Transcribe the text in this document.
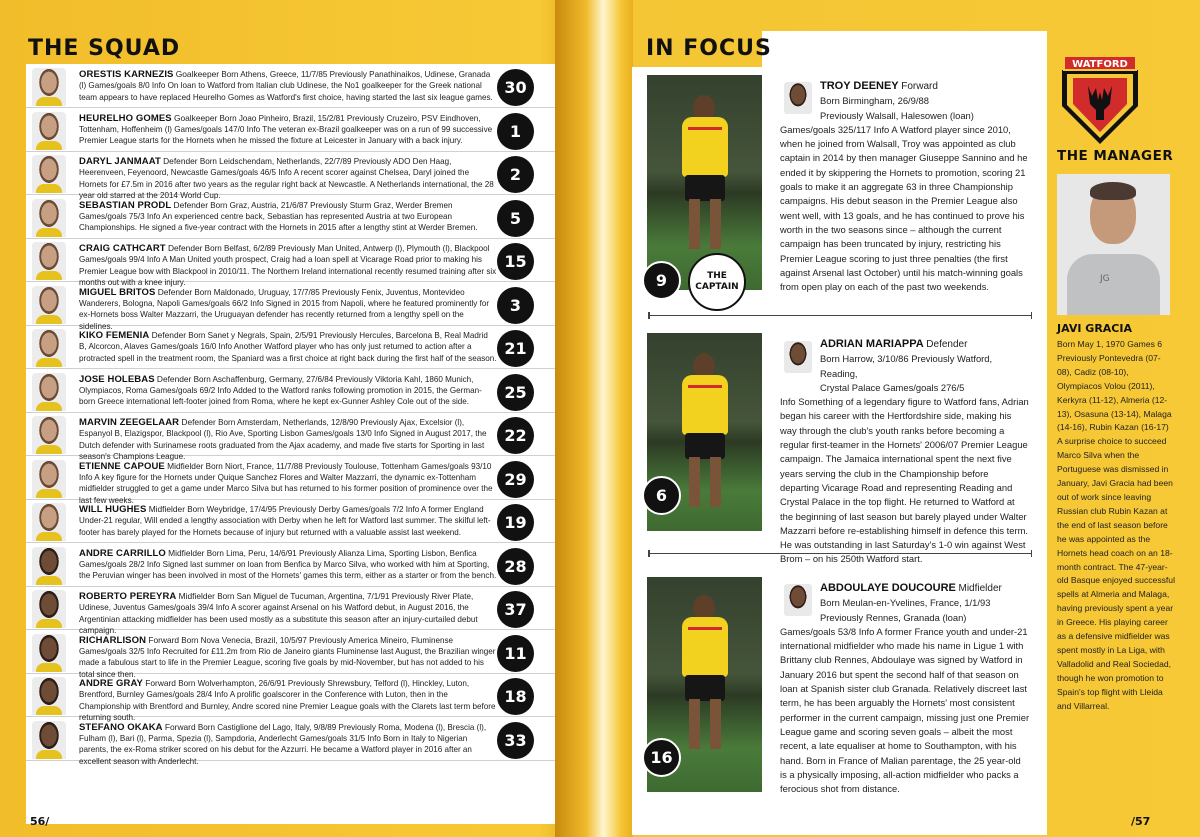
THE SQUAD
ORESTIS KARNEZIS Goalkeeper Born Athens, Greece, 11/7/85 Previously Panathinaikos, Udinese, Granada (l) Games/goals 8/0 Info On loan to Watford from Italian club Udinese, the No1 goalkeeper for the Greek national team appears to have replaced Heurelho Gomes as Watford's first choice, having started the last six league games.
30
HEURELHO GOMES Goalkeeper Born Joao Pinheiro, Brazil, 15/2/81 Previously Cruzeiro, PSV Eindhoven, Tottenham, Hoffenheim (l) Games/goals 147/0 Info The veteran ex-Brazil goalkeeper was on a run of 99 successive Premier League starts for the Hornets when he missed the fixture at Leicester in January with a back injury.
1
DARYL JANMAAT Defender Born Leidschendam, Netherlands, 22/7/89 Previously ADO Den Haag, Heerenveen, Feyenoord, Newcastle Games/goals 46/5 Info A recent scorer against Chelsea, Daryl joined the Hornets for £7.5m in 2016 after two years as the regular right back at Newcastle. A Netherlands international, the 28 year old starred at the 2014 World Cup.
2
SEBASTIAN PRODL Defender Born Graz, Austria, 21/6/87 Previously Sturm Graz, Werder Bremen Games/goals 75/3 Info An experienced centre back, Sebastian has represented Austria at two European Championships. He signed a five-year contract with the Hornets in 2015 after a lengthy stint at Werder Bremen.
5
CRAIG CATHCART Defender Born Belfast, 6/2/89 Previously Man United, Antwerp (l), Plymouth (l), Blackpool Games/goals 99/4 Info A Man United youth prospect, Craig had a loan spell at Vicarage Road prior to making his Premier League bow with Blackpool in 2010/11. The Northern Ireland international recently resumed training after six months out with a knee injury.
15
MIGUEL BRITOS Defender Born Maldonado, Uruguay, 17/7/85 Previously Fenix, Juventus, Montevideo Wanderers, Bologna, Napoli Games/goals 66/2 Info Signed in 2015 from Napoli, where he featured prominently for ex-Hornets boss Walter Mazzarri, the Uruguayan defender has recently returned from a lengthy spell on the sidelines.
3
KIKO FEMENIA Defender Born Sanet y Negrals, Spain, 2/5/91 Previously Hercules, Barcelona B, Real Madrid B, Alcorcon, Alaves Games/goals 16/0 Info Another Watford player who has only just returned to action after a protracted spell in the treatment room, the Spaniard was a first choice at right back during the first half of the season.
21
JOSE HOLEBAS Defender Born Aschaffenburg, Germany, 27/6/84 Previously Viktoria Kahl, 1860 Munich, Olympiacos, Roma Games/goals 69/2 Info Added to the Watford ranks following promotion in 2015, the German-born Greece international left-footer joined from Roma, where he kept ex-Gunner Ashley Cole out of the side.
25
MARVIN ZEEGELAAR Defender Born Amsterdam, Netherlands, 12/8/90 Previously Ajax, Excelsior (l), Espanyol B, Elazigspor, Blackpool (l), Rio Ave, Sporting Lisbon Games/goals 13/0 Info Signed in August 2017, the Dutch defender with Surinamese roots graduated from the Ajax academy, and made five starts for Sporting in last season's Champions League.
22
ETIENNE CAPOUE Midfielder Born Niort, France, 11/7/88 Previously Toulouse, Tottenham Games/goals 93/10 Info A key figure for the Hornets under Quique Sanchez Flores and Walter Mazzarri, the dynamic ex-Tottenham midfielder struggled to get a game under Marco Silva but has returned to his former position of prominence over the last few weeks.
29
WILL HUGHES Midfielder Born Weybridge, 17/4/95 Previously Derby Games/goals 7/2 Info A former England Under-21 regular, Will ended a lengthy association with Derby when he left for Watford last summer. The skilful left-footer has barely played for the Hornets because of injury but returned with a valuable assist last weekend.
19
ANDRE CARRILLO Midfielder Born Lima, Peru, 14/6/91 Previously Alianza Lima, Sporting Lisbon, Benfica Games/goals 28/2 Info Signed last summer on loan from Benfica by Marco Silva, who worked with him at Sporting, the Peruvian winger has been involved in most of the Hornets' games this term, either as a starter or from the bench.
28
ROBERTO PEREYRA Midfielder Born San Miguel de Tucuman, Argentina, 7/1/91 Previously River Plate, Udinese, Juventus Games/goals 39/4 Info A scorer against Arsenal on his Watford debut, in August 2016, the Argentinian attacking midfielder has been used mostly as a substitute this season after an injury-curtailed debut campaign.
37
RICHARLISON Forward Born Nova Venecia, Brazil, 10/5/97 Previously America Mineiro, Fluminense Games/goals 32/5 Info Recruited for £11.2m from Rio de Janeiro giants Fluminense last August, the Brazilian winger made a fabulous start to life in the Premier League, scoring five goals by mid-November, but has not added to his total since then.
11
ANDRE GRAY Forward Born Wolverhampton, 26/6/91 Previously Shrewsbury, Telford (l), Hinckley, Luton, Brentford, Burnley Games/goals 28/4 Info A prolific goalscorer in the Conference with Luton, then in the Championship with Brentford and Burnley, Andre scored nine Premier League goals with the Clarets last term before returning south.
18
STEFANO OKAKA Forward Born Castiglione del Lago, Italy, 9/8/89 Previously Roma, Modena (l), Brescia (l), Fulham (l), Bari (l), Parma, Spezia (l), Sampdoria, Anderlecht Games/goals 31/5 Info Born in Italy to Nigerian parents, the ex-Roma striker scored on his debut for the Azzurri. He became a Watford player in 2016 after an excellent season with Anderlecht.
33
56/
IN FOCUS
9	THE CAPTAIN
TROY DEENEY Forward
Born Birmingham, 26/9/88
Previously Walsall, Halesowen (loan)
Games/goals 325/117 Info A Watford player since 2010, when he joined from Walsall, Troy was appointed as club captain in 2014 by then manager Giuseppe Sannino and he ended it by skippering the Hornets to promotion, scoring 21 goals to make it an aggregate 63 in three Championship campaigns. His debut season in the Premier League also went well, with 13 goals, and he has continued to prove his worth in the two seasons since – although the current campaign has been truncated by injury, restricting his Premier League scoring to just three penalties (the first against Arsenal last October) until his match-winning goals from open play on each of the past two weekends.
6
ADRIAN MARIAPPA Defender
Born Harrow, 3/10/86 Previously Watford, Reading,
Crystal Palace Games/goals 276/5
Info Something of a legendary figure to Watford fans, Adrian began his career with the Hertfordshire side, making his way through the club's youth ranks before becoming a regular first-teamer in the Hornets' 2006/07 Premier League campaign. The Jamaica international spent the next five years serving the club in the Championship before departing Vicarage Road and representing Reading and Crystal Palace in the top flight. He returned to Watford at the beginning of last season but barely played under Walter Mazzarri before re-establishing himself in defence this term. He was outstanding in last Saturday's 1-0 win against West Brom – on his 250th Watford start.
16
ABDOULAYE DOUCOURE Midfielder
Born Meulan-en-Yvelines, France, 1/1/93
Previously Rennes, Granada (loan)
Games/goals 53/8 Info A former France youth and under-21 international midfielder who made his name in Ligue 1 with Brittany club Rennes, Abdoulaye was signed by Watford in January 2016 but spent the second half of that season on loan at Spanish sister club Granada. Relatively discreet last term, he has been arguably the Hornets' most consistent performer in the current campaign, missing just one Premier League game and scoring seven goals – albeit the most recent, a late equaliser at home to Southampton, with his hand. Born in France of Malian parentage, the 25 year-old is a physically imposing, all-action midfielder who packs a ferocious shot from distance.
WATFORD
THE MANAGER
JG
JAVI GRACIA
Born May 1, 1970 Games 6 Previously Pontevedra (07-08), Cadiz (08-10), Olympiacos Volou (2011), Kerkyra (11-12), Almeria (12-13), Osasuna (13-14), Malaga (14-16), Rubin Kazan (16-17) A surprise choice to succeed Marco Silva when the Portuguese was dismissed in January, Javi Gracia had been out of work since leaving Russian club Rubin Kazan at the end of last season before he was appointed as the Hornets head coach on an 18-month contract. The 47-year-old Basque enjoyed successful spells at Almeria and Malaga, having previously spent a year in Greece. His playing career as a defensive midfielder was spent mostly in La Liga, with Valladolid and Real Sociedad, though he won promotion to Spain's top flight with Lleida and Villarreal.
/57
